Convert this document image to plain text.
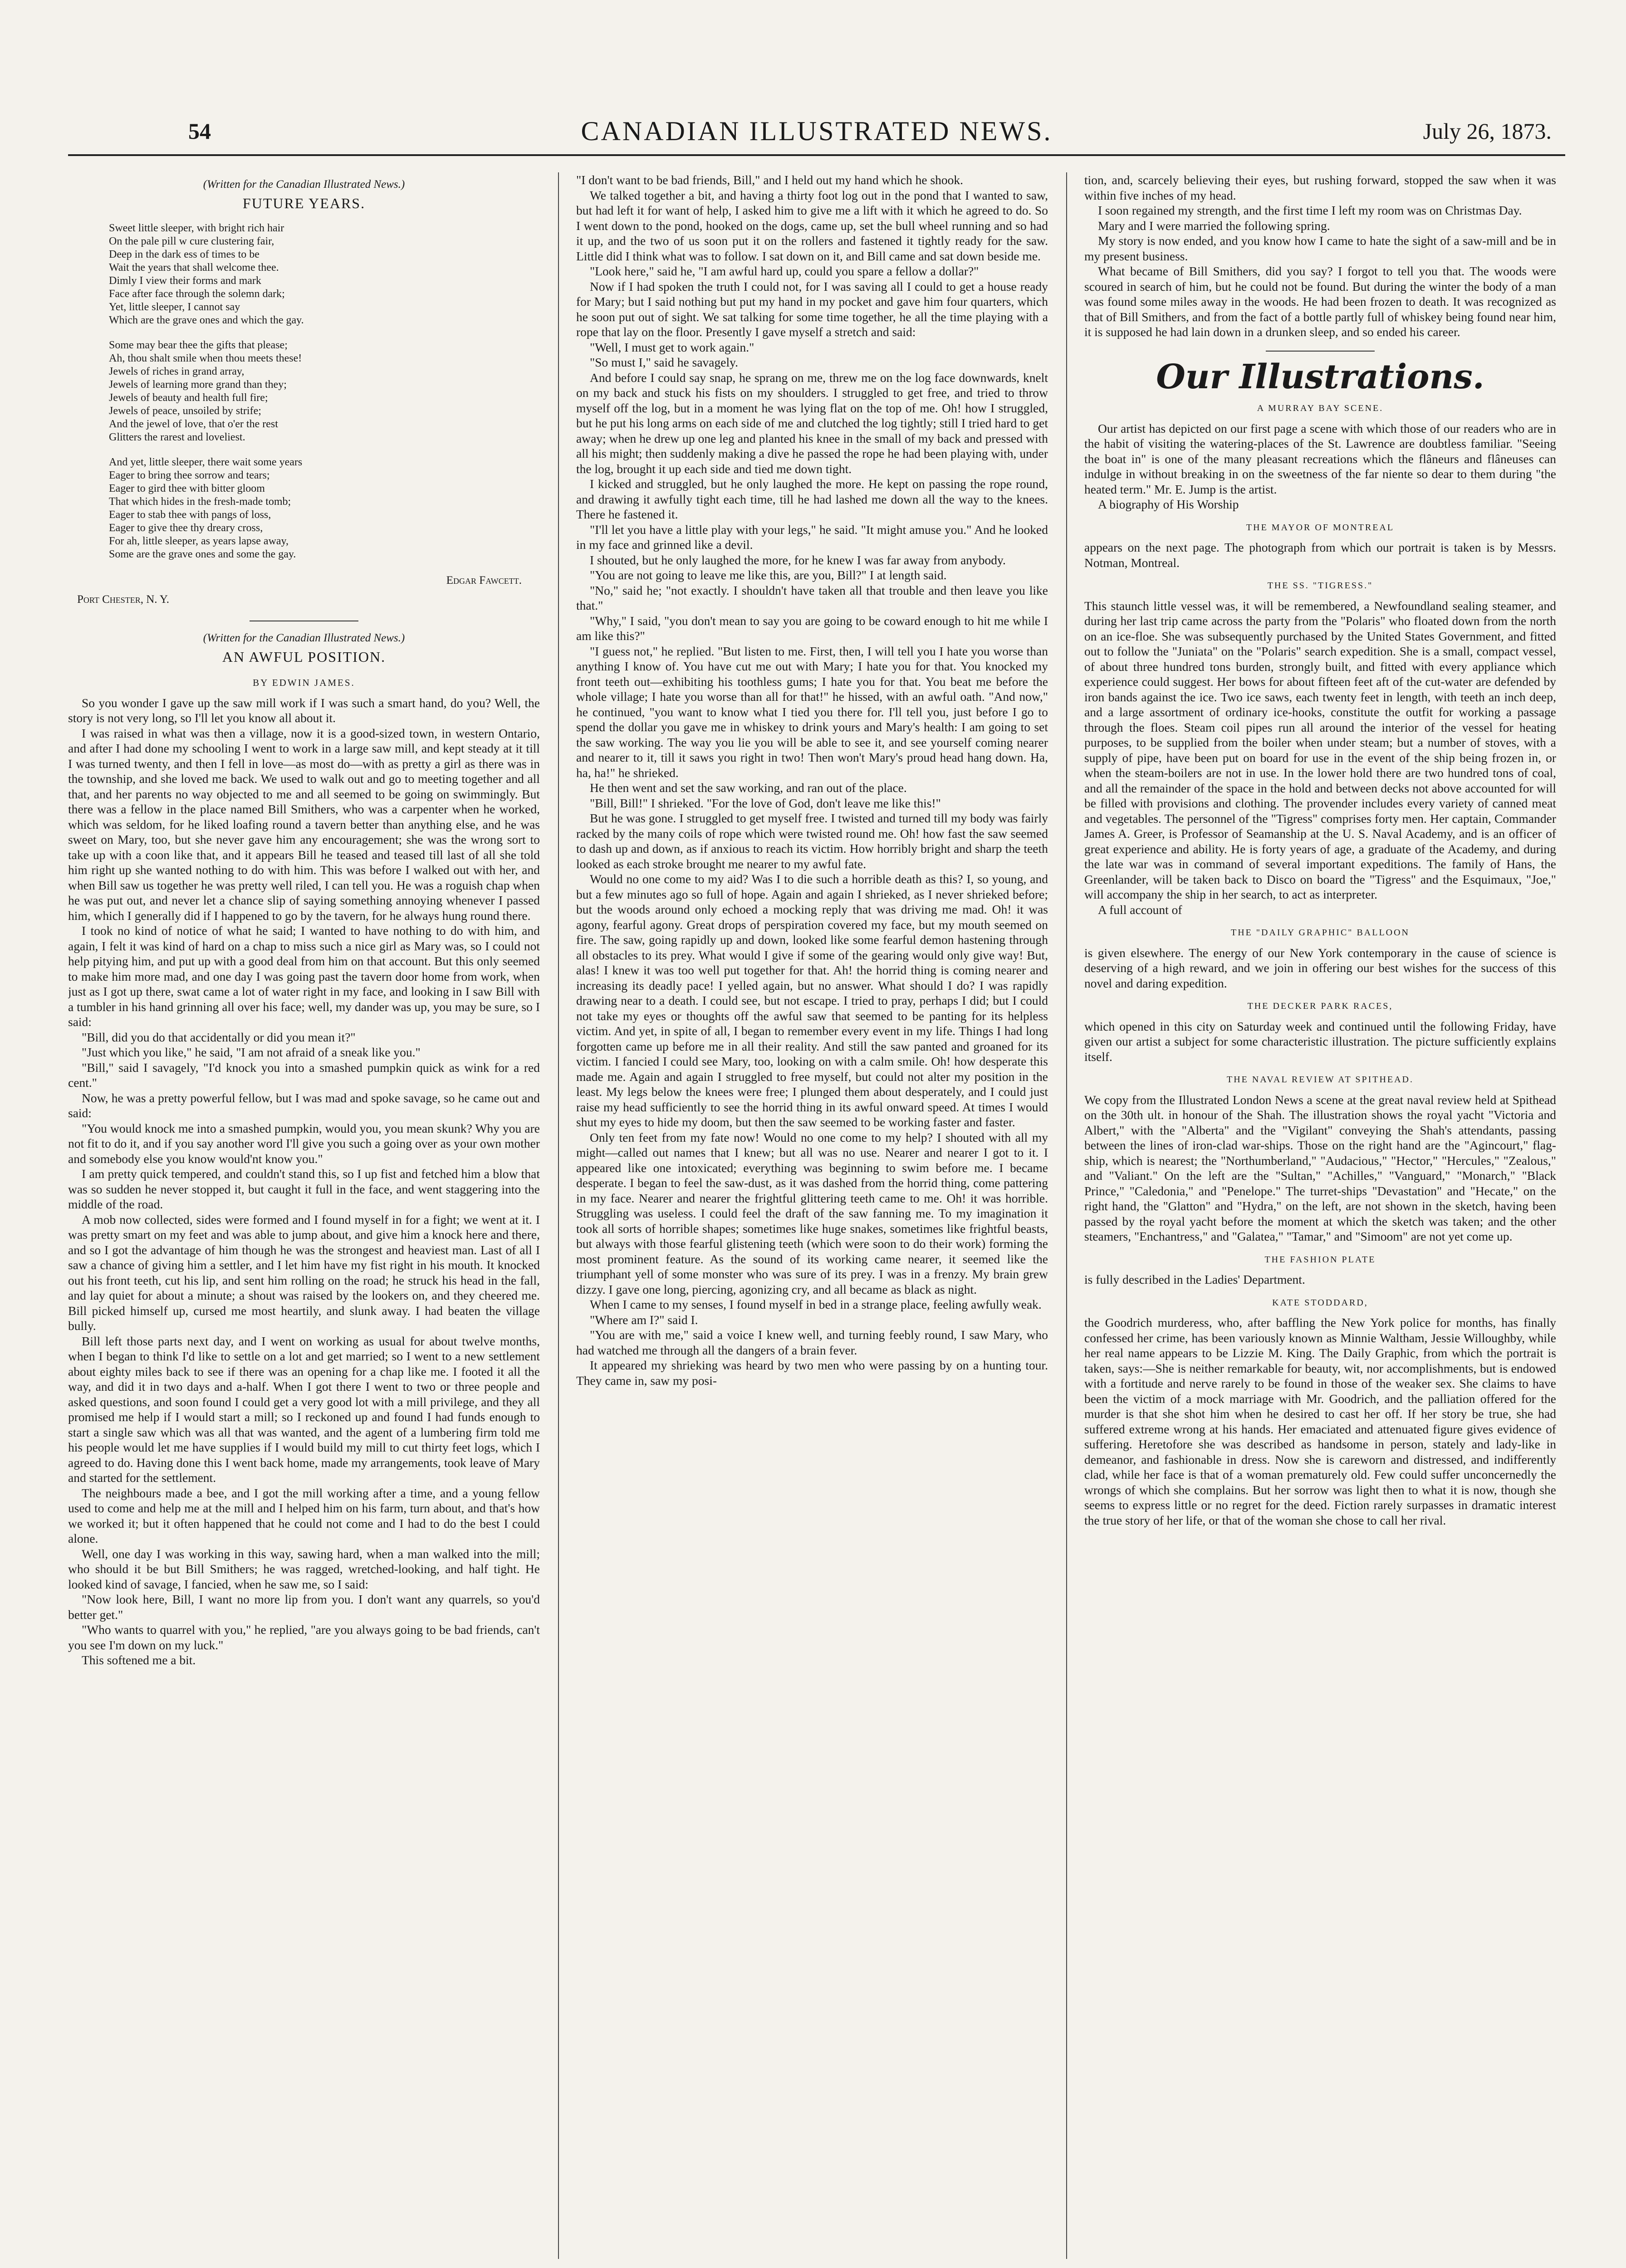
54	CANADIAN ILLUSTRATED NEWS.	July 26, 1873.
(Written for the Canadian Illustrated News.)
FUTURE YEARS.
Sweet little sleeper, with bright rich hair
On the pale pill w cure clustering fair,
Deep in the dark ess of times to be
Wait the years that shall welcome thee.
Dimly I view their forms and mark
Face after face through the solemn dark;
Yet, little sleeper, I cannot say
Which are the grave ones and which the gay.
Some may bear thee the gifts that please;
Ah, thou shalt smile when thou meets these!
Jewels of riches in grand array,
Jewels of learning more grand than they;
Jewels of beauty and health full fire;
Jewels of peace, unsoiled by strife;
And the jewel of love, that o'er the rest
Glitters the rarest and loveliest.
And yet, little sleeper, there wait some years
Eager to bring thee sorrow and tears;
Eager to gird thee with bitter gloom
That which hides in the fresh-made tomb;
Eager to stab thee with pangs of loss,
Eager to give thee thy dreary cross,
For ah, little sleeper, as years lapse away,
Some are the grave ones and some the gay.
Edgar Fawcett.
Port Chester, N. Y.
(Written for the Canadian Illustrated News.)
AN AWFUL POSITION.
BY EDWIN JAMES.

So you wonder I gave up the saw mill work if I was such a smart hand, do you? Well, the story is not very long, so I'll let you know all about it.

I was raised in what was then a village, now it is a good-sized town, in western Ontario, and after I had done my schooling I went to work in a large saw mill, and kept steady at it till I was turned twenty, and then I fell in love—as most do—with as pretty a girl as there was in the township, and she loved me back. We used to walk out and go to meeting together and all that, and her parents no way objected to me and all seemed to be going on swimmingly. But there was a fellow in the place named Bill Smithers, who was a carpenter when he worked, which was seldom, for he liked loafing round a tavern better than anything else, and he was sweet on Mary, too, but she never gave him any encouragement; she was the wrong sort to take up with a coon like that, and it appears Bill he teased and teased till last of all she told him right up she wanted nothing to do with him. This was before I walked out with her, and when Bill saw us together he was pretty well riled, I can tell you. He was a roguish chap when he was put out, and never let a chance slip of saying something annoying whenever I passed him, which I generally did if I happened to go by the tavern, for he always hung round there.

I took no kind of notice of what he said; I wanted to have nothing to do with him, and again, I felt it was kind of hard on a chap to miss such a nice girl as Mary was, so I could not help pitying him, and put up with a good deal from him on that account. But this only seemed to make him more mad, and one day I was going past the tavern door home from work, when just as I got up there, swat came a lot of water right in my face, and looking in I saw Bill with a tumbler in his hand grinning all over his face; well, my dander was up, you may be sure, so I said:

"Bill, did you do that accidentally or did you mean it?"

"Just which you like," he said, "I am not afraid of a sneak like you."

"Bill," said I savagely, "I'd knock you into a smashed pumpkin quick as wink for a red cent."

Now, he was a pretty powerful fellow, but I was mad and spoke savage, so he came out and said:

"You would knock me into a smashed pumpkin, would you, you mean skunk? Why you are not fit to do it, and if you say another word I'll give you such a going over as your own mother and somebody else you know would'nt know you."

I am pretty quick tempered, and couldn't stand this, so I up fist and fetched him a blow that was so sudden he never stopped it, but caught it full in the face, and went staggering into the middle of the road.

A mob now collected, sides were formed and I found myself in for a fight; we went at it. I was pretty smart on my feet and was able to jump about, and give him a knock here and there, and so I got the advantage of him though he was the strongest and heaviest man. Last of all I saw a chance of giving him a settler, and I let him have my fist right in his mouth. It knocked out his front teeth, cut his lip, and sent him rolling on the road; he struck his head in the fall, and lay quiet for about a minute; a shout was raised by the lookers on, and they cheered me. Bill picked himself up, cursed me most heartily, and slunk away. I had beaten the village bully.

Bill left those parts next day, and I went on working as usual for about twelve months, when I began to think I'd like to settle on a lot and get married; so I went to a new settlement about eighty miles back to see if there was an opening for a chap like me. I footed it all the way, and did it in two days and a-half. When I got there I went to two or three people and asked questions, and soon found I could get a very good lot with a mill privilege, and they all promised me help if I would start a mill; so I reckoned up and found I had funds enough to start a single saw which was all that was wanted, and the agent of a lumbering firm told me his people would let me have supplies if I would build my mill to cut thirty feet logs, which I agreed to do. Having done this I went back home, made my arrangements, took leave of Mary and started for the settlement.

The neighbours made a bee, and I got the mill working after a time, and a young fellow used to come and help me at the mill and I helped him on his farm, turn about, and that's how we worked it; but it often happened that he could not come and I had to do the best I could alone.

Well, one day I was working in this way, sawing hard, when a man walked into the mill; who should it be but Bill Smithers; he was ragged, wretched-looking, and half tight. He looked kind of savage, I fancied, when he saw me, so I said:

"Now look here, Bill, I want no more lip from you. I don't want any quarrels, so you'd better get."

"Who wants to quarrel with you," he replied, "are you always going to be bad friends, can't you see I'm down on my luck."

This softened me a bit.

"I don't want to be bad friends, Bill," and I held out my hand which he shook.

We talked together a bit, and having a thirty foot log out in the pond that I wanted to saw, but had left it for want of help, I asked him to give me a lift with it which he agreed to do. So I went down to the pond, hooked on the dogs, came up, set the bull wheel running and so had it up, and the two of us soon put it on the rollers and fastened it tightly ready for the saw. Little did I think what was to follow. I sat down on it, and Bill came and sat down beside me.

"Look here," said he, "I am awful hard up, could you spare a fellow a dollar?"

Now if I had spoken the truth I could not, for I was saving all I could to get a house ready for Mary; but I said nothing but put my hand in my pocket and gave him four quarters, which he soon put out of sight. We sat talking for some time together, he all the time playing with a rope that lay on the floor. Presently I gave myself a stretch and said:

"Well, I must get to work again."

"So must I," said he savagely.

And before I could say snap, he sprang on me, threw me on the log face downwards, knelt on my back and stuck his fists on my shoulders. I struggled to get free, and tried to throw myself off the log, but in a moment he was lying flat on the top of me. Oh! how I struggled, but he put his long arms on each side of me and clutched the log tightly; still I tried hard to get away; when he drew up one leg and planted his knee in the small of my back and pressed with all his might; then suddenly making a dive he passed the rope he had been playing with, under the log, brought it up each side and tied me down tight.

I kicked and struggled, but he only laughed the more. He kept on passing the rope round, and drawing it awfully tight each time, till he had lashed me down all the way to the knees. There he fastened it.

"I'll let you have a little play with your legs," he said. "It might amuse you." And he looked in my face and grinned like a devil.

I shouted, but he only laughed the more, for he knew I was far away from anybody.

"You are not going to leave me like this, are you, Bill?" I at length said.

"No," said he; "not exactly. I shouldn't have taken all that trouble and then leave you like that."

"Why," I said, "you don't mean to say you are going to be coward enough to hit me while I am like this?"

"I guess not," he replied. "But listen to me. First, then, I will tell you I hate you worse than anything I know of. You have cut me out with Mary; I hate you for that. You knocked my front teeth out—exhibiting his toothless gums; I hate you for that. You beat me before the whole village; I hate you worse than all for that!" he hissed, with an awful oath. "And now," he continued, "you want to know what I tied you there for. I'll tell you, just before I go to spend the dollar you gave me in whiskey to drink yours and Mary's health: I am going to set the saw working. The way you lie you will be able to see it, and see yourself coming nearer and nearer to it, till it saws you right in two! Then won't Mary's proud head hang down. Ha, ha, ha!" he shrieked.

He then went and set the saw working, and ran out of the place.

"Bill, Bill!" I shrieked. "For the love of God, don't leave me like this!"

But he was gone. I struggled to get myself free. I twisted and turned till my body was fairly racked by the many coils of rope which were twisted round me. Oh! how fast the saw seemed to dash up and down, as if anxious to reach its victim. How horribly bright and sharp the teeth looked as each stroke brought me nearer to my awful fate.

Would no one come to my aid? Was I to die such a horrible death as this? I, so young, and but a few minutes ago so full of hope. Again and again I shrieked, as I never shrieked before; but the woods around only echoed a mocking reply that was driving me mad. Oh! it was agony, fearful agony. Great drops of perspiration covered my face, but my mouth seemed on fire. The saw, going rapidly up and down, looked like some fearful demon hastening through all obstacles to its prey. What would I give if some of the gearing would only give way! But, alas! I knew it was too well put together for that. Ah! the horrid thing is coming nearer and increasing its deadly pace! I yelled again, but no answer. What should I do? I was rapidly drawing near to a death. I could see, but not escape. I tried to pray, perhaps I did; but I could not take my eyes or thoughts off the awful saw that seemed to be panting for its helpless victim. And yet, in spite of all, I began to remember every event in my life. Things I had long forgotten came up before me in all their reality. And still the saw panted and groaned for its victim. I fancied I could see Mary, too, looking on with a calm smile. Oh! how desperate this made me. Again and again I struggled to free myself, but could not alter my position in the least. My legs below the knees were free; I plunged them about desperately, and I could just raise my head sufficiently to see the horrid thing in its awful onward speed. At times I would shut my eyes to hide my doom, but then the saw seemed to be working faster and faster.

Only ten feet from my fate now! Would no one come to my help? I shouted with all my might—called out names that I knew; but all was no use. Nearer and nearer I got to it. I appeared like one intoxicated; everything was beginning to swim before me. I became desperate. I began to feel the saw-dust, as it was dashed from the horrid thing, come pattering in my face. Nearer and nearer the frightful glittering teeth came to me. Oh! it was horrible. Struggling was useless. I could feel the draft of the saw fanning me. To my imagination it took all sorts of horrible shapes; sometimes like huge snakes, sometimes like frightful beasts, but always with those fearful glistening teeth (which were soon to do their work) forming the most prominent feature. As the sound of its working came nearer, it seemed like the triumphant yell of some monster who was sure of its prey. I was in a frenzy. My brain grew dizzy. I gave one long, piercing, agonizing cry, and all became as black as night.

When I came to my senses, I found myself in bed in a strange place, feeling awfully weak.

"Where am I?" said I.

"You are with me," said a voice I knew well, and turning feebly round, I saw Mary, who had watched me through all the dangers of a brain fever.

It appeared my shrieking was heard by two men who were passing by on a hunting tour. They came in, saw my posi-

tion, and, scarcely believing their eyes, but rushing forward, stopped the saw when it was within five inches of my head.

I soon regained my strength, and the first time I left my room was on Christmas Day.

Mary and I were married the following spring.

My story is now ended, and you know how I came to hate the sight of a saw-mill and be in my present business.

What became of Bill Smithers, did you say? I forgot to tell you that. The woods were scoured in search of him, but he could not be found. But during the winter the body of a man was found some miles away in the woods. He had been frozen to death. It was recognized as that of Bill Smithers, and from the fact of a bottle partly full of whiskey being found near him, it is supposed he had lain down in a drunken sleep, and so ended his career.

Our Illustrations.
A MURRAY BAY SCENE.

Our artist has depicted on our first page a scene with which those of our readers who are in the habit of visiting the watering-places of the St. Lawrence are doubtless familiar. "Seeing the boat in" is one of the many pleasant recreations which the flâneurs and flâneuses can indulge in without breaking in on the sweetness of the far niente so dear to them during "the heated term." Mr. E. Jump is the artist.

A biography of His Worship

THE MAYOR OF MONTREAL

appears on the next page. The photograph from which our portrait is taken is by Messrs. Notman, Montreal.

THE SS. "TIGRESS."

This staunch little vessel was, it will be remembered, a Newfoundland sealing steamer, and during her last trip came across the party from the "Polaris" who floated down from the north on an ice-floe. She was subsequently purchased by the United States Government, and fitted out to follow the "Juniata" on the "Polaris" search expedition. She is a small, compact vessel, of about three hundred tons burden, strongly built, and fitted with every appliance which experience could suggest. Her bows for about fifteen feet aft of the cut-water are defended by iron bands against the ice. Two ice saws, each twenty feet in length, with teeth an inch deep, and a large assortment of ordinary ice-hooks, constitute the outfit for working a passage through the floes. Steam coil pipes run all around the interior of the vessel for heating purposes, to be supplied from the boiler when under steam; but a number of stoves, with a supply of pipe, have been put on board for use in the event of the ship being frozen in, or when the steam-boilers are not in use. In the lower hold there are two hundred tons of coal, and all the remainder of the space in the hold and between decks not above accounted for will be filled with provisions and clothing. The provender includes every variety of canned meat and vegetables. The personnel of the "Tigress" comprises forty men. Her captain, Commander James A. Greer, is Professor of Seamanship at the U. S. Naval Academy, and is an officer of great experience and ability. He is forty years of age, a graduate of the Academy, and during the late war was in command of several important expeditions. The family of Hans, the Greenlander, will be taken back to Disco on board the "Tigress" and the Esquimaux, "Joe," will accompany the ship in her search, to act as interpreter.

A full account of

THE "DAILY GRAPHIC" BALLOON

is given elsewhere. The energy of our New York contemporary in the cause of science is deserving of a high reward, and we join in offering our best wishes for the success of this novel and daring expedition.

THE DECKER PARK RACES,

which opened in this city on Saturday week and continued until the following Friday, have given our artist a subject for some characteristic illustration. The picture sufficiently explains itself.

THE NAVAL REVIEW AT SPITHEAD.

We copy from the Illustrated London News a scene at the great naval review held at Spithead on the 30th ult. in honour of the Shah. The illustration shows the royal yacht "Victoria and Albert," with the "Alberta" and the "Vigilant" conveying the Shah's attendants, passing between the lines of iron-clad war-ships. Those on the right hand are the "Agincourt," flag-ship, which is nearest; the "Northumberland," "Audacious," "Hector," "Hercules," "Zealous," and "Valiant." On the left are the "Sultan," "Achilles," "Vanguard," "Monarch," "Black Prince," "Caledonia," and "Penelope." The turret-ships "Devastation" and "Hecate," on the right hand, the "Glatton" and "Hydra," on the left, are not shown in the sketch, having been passed by the royal yacht before the moment at which the sketch was taken; and the other steamers, "Enchantress," and "Galatea," "Tamar," and "Simoom" are not yet come up.

THE FASHION PLATE

is fully described in the Ladies' Department.

KATE STODDARD,

the Goodrich murderess, who, after baffling the New York police for months, has finally confessed her crime, has been variously known as Minnie Waltham, Jessie Willoughby, while her real name appears to be Lizzie M. King. The Daily Graphic, from which the portrait is taken, says:—She is neither remarkable for beauty, wit, nor accomplishments, but is endowed with a fortitude and nerve rarely to be found in those of the weaker sex. She claims to have been the victim of a mock marriage with Mr. Goodrich, and the palliation offered for the murder is that she shot him when he desired to cast her off. If her story be true, she had suffered extreme wrong at his hands. Her emaciated and attenuated figure gives evidence of suffering. Heretofore she was described as handsome in person, stately and lady-like in demeanor, and fashionable in dress. Now she is careworn and distressed, and indifferently clad, while her face is that of a woman prematurely old. Few could suffer unconcernedly the wrongs of which she complains. But her sorrow was light then to what it is now, though she seems to express little or no regret for the deed. Fiction rarely surpasses in dramatic interest the true story of her life, or that of the woman she chose to call her rival.
